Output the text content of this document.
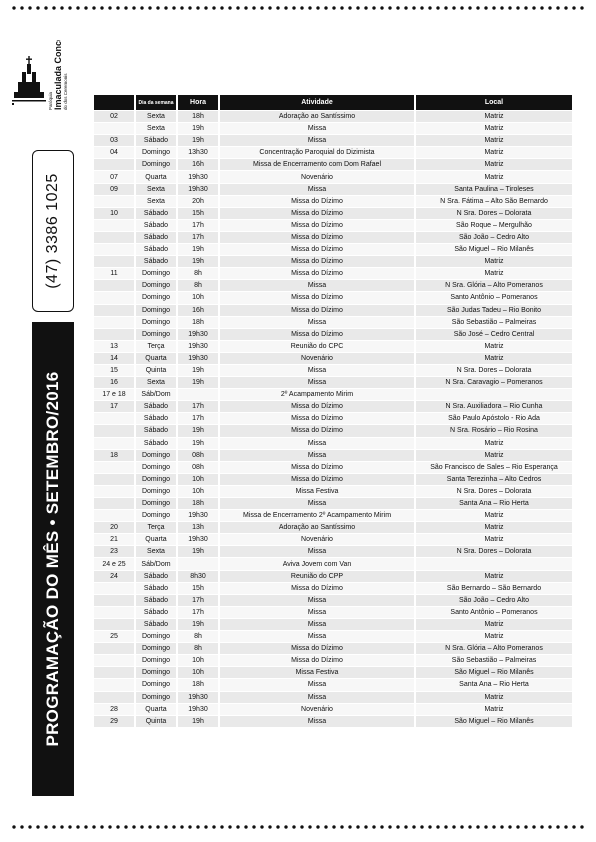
Paróquia Imaculada Conceição do dos Ceremonis
(47) 3386 1025
PROGRAMAÇÃO DO MÊS • SETEMBRO/2016
	Dia da semana	Hora	Atividade	Local
02	Sexta	18h	Adoração ao Santíssimo	Matriz
	Sexta	19h	Missa	Matriz
03	Sábado	19h	Missa	Matriz
04	Domingo	13h30	Concentração Paroquial do Dizimista	Matriz
	Domingo	16h	Missa de Encerramento com Dom Rafael	Matriz
07	Quarta	19h30	Novenário	Matriz
09	Sexta	19h30	Missa	Santa Paulina – Tiroleses
	Sexta	20h	Missa do Dízimo	N Sra. Fátima – Alto São Bernardo
10	Sábado	15h	Missa do Dízimo	N Sra. Dores – Dolorata
	Sábado	17h	Missa do Dízimo	São Roque – Mergulhão
	Sábado	17h	Missa do Dízimo	São João – Cedro Alto
	Sábado	19h	Missa do Dízimo	São Miguel – Rio Milanês
	Sábado	19h	Missa do Dízimo	Matriz
11	Domingo	8h	Missa do Dízimo	Matriz
	Domingo	8h	Missa	N Sra. Glória – Alto Pomeranos
	Domingo	10h	Missa do Dízimo	Santo Antônio – Pomeranos
	Domingo	16h	Missa do Dízimo	São Judas Tadeu – Rio Bonito
	Domingo	18h	Missa	São Sebastião – Palmeiras
	Domingo	19h30	Missa do Dízimo	São José – Cedro Central
13	Terça	19h30	Reunião do CPC	Matriz
14	Quarta	19h30	Novenário	Matriz
15	Quinta	19h	Missa	N Sra. Dores – Dolorata
16	Sexta	19h	Missa	N Sra. Caravagio – Pomeranos
17 e 18	Sáb/Dom		2º Acampamento Mirim	
17	Sábado	17h	Missa do Dízimo	N Sra. Auxiliadora – Rio Cunha
	Sábado	17h	Missa do Dízimo	São Paulo Apóstolo - Rio Ada
	Sábado	19h	Missa do Dízimo	N Sra. Rosário – Rio Rosina
	Sábado	19h	Missa	Matriz
18	Domingo	08h	Missa	Matriz
	Domingo	08h	Missa do Dízimo	São Francisco de Sales – Rio Esperança
	Domingo	10h	Missa do Dízimo	Santa Terezinha – Alto Cedros
	Domingo	10h	Missa Festiva	N Sra. Dores – Dolorata
	Domingo	18h	Missa	Santa Ana – Rio Herta
	Domingo	19h30	Missa de Encerramento 2º Acampamento Mirim	Matriz
20	Terça	13h	Adoração ao Santíssimo	Matriz
21	Quarta	19h30	Novenário	Matriz
23	Sexta	19h	Missa	N Sra. Dores – Dolorata
24 e 25	Sáb/Dom		Aviva Jovem com Van	
24	Sábado	8h30	Reunião do CPP	Matriz
	Sábado	15h	Missa do Dízimo	São Bernardo – São Bernardo
	Sábado	17h	Missa	São João – Cedro Alto
	Sábado	17h	Missa	Santo Antônio – Pomeranos
	Sábado	19h	Missa	Matriz
25	Domingo	8h	Missa	Matriz
	Domingo	8h	Missa do Dízimo	N Sra. Glória – Alto Pomeranos
	Domingo	10h	Missa do Dízimo	São Sebastião – Palmeiras
	Domingo	10h	Missa Festiva	São Miguel – Rio Milanês
	Domingo	18h	Missa	Santa Ana – Rio Herta
	Domingo	19h30	Missa	Matriz
28	Quarta	19h30	Novenário	Matriz
29	Quinta	19h	Missa	São Miguel – Rio Milanês
